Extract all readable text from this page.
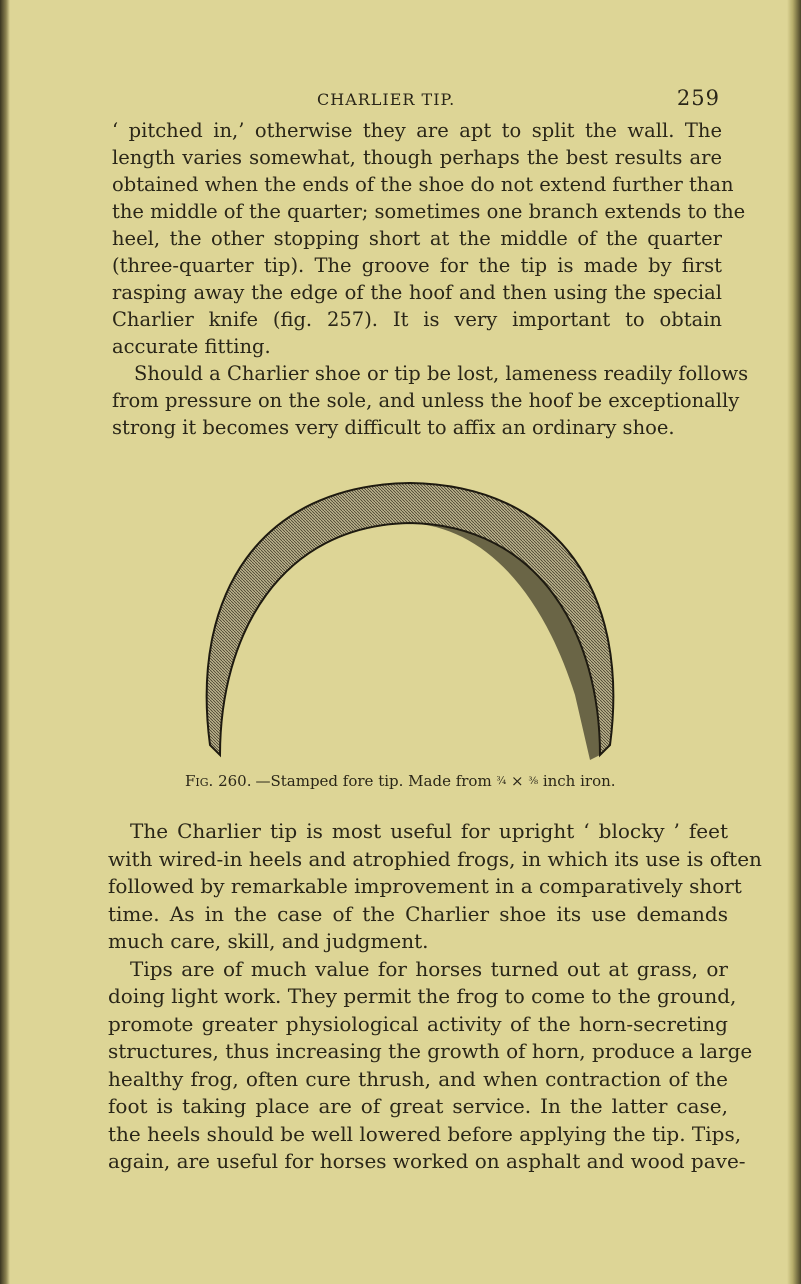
CHARLIER TIP.	259
‘ pitched in,’ otherwise they are apt to split the wall. The
length varies somewhat, though perhaps the best results are
obtained when the ends of the shoe do not extend further than
the middle of the quarter; sometimes one branch extends to the
heel, the other stopping short at the middle of the quarter
(three-quarter tip). The groove for the tip is made by first
rasping away the edge of the hoof and then using the special
Charlier knife (fig. 257). It is very important to obtain
accurate fitting.
Should a Charlier shoe or tip be lost, lameness readily follows
from pressure on the sole, and unless the hoof be exceptionally
strong it becomes very difficult to affix an ordinary shoe.
Fig. 260. —Stamped fore tip. Made from ¾ × ⅜ inch iron.
The Charlier tip is most useful for upright ‘ blocky ’ feet
with wired-in heels and atrophied frogs, in which its use is often
followed by remarkable improvement in a comparatively short
time. As in the case of the Charlier shoe its use demands
much care, skill, and judgment.
Tips are of much value for horses turned out at grass, or
doing light work. They permit the frog to come to the ground,
promote greater physiological activity of the horn-secreting
structures, thus increasing the growth of horn, produce a large
healthy frog, often cure thrush, and when contraction of the
foot is taking place are of great service. In the latter case,
the heels should be well lowered before applying the tip. Tips,
again, are useful for horses worked on asphalt and wood pave-
